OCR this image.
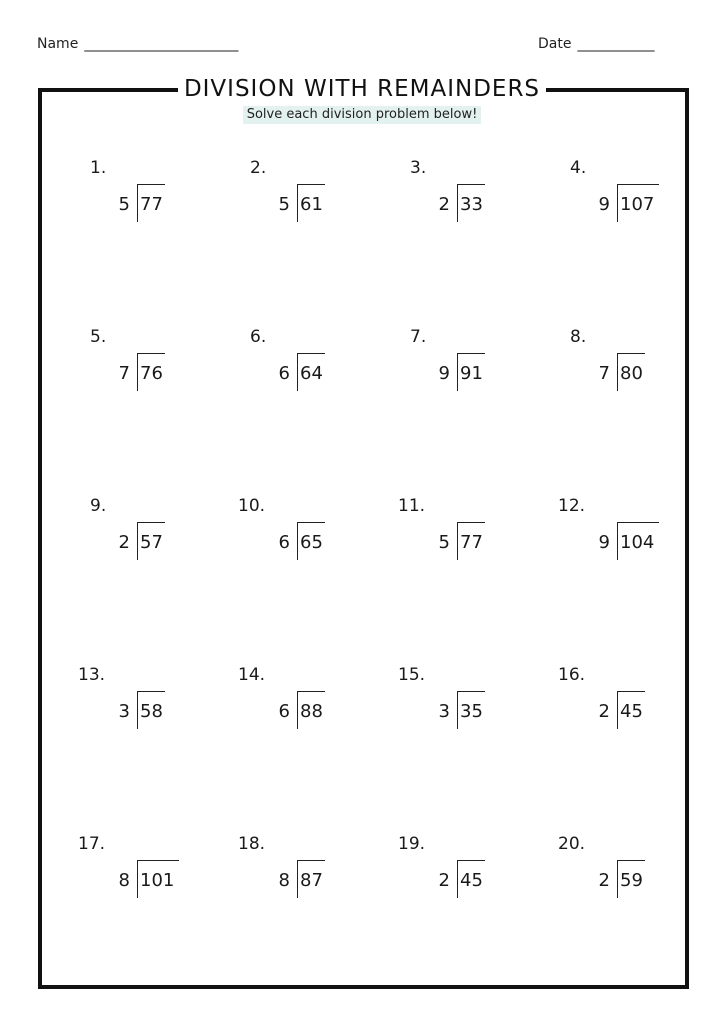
Name ______________________	Date ___________
DIVISION WITH REMAINDERS
Solve each division problem below!
1.
5 77
2.
5 61
3.
2 33
4.
9 107
5.
7 76
6.
6 64
7.
9 91
8.
7 80
9.
2 57
10.
6 65
11.
5 77
12.
9 104
13.
3 58
14.
6 88
15.
3 35
16.
2 45
17.
8 101
18.
8 87
19.
2 45
20.
2 59
